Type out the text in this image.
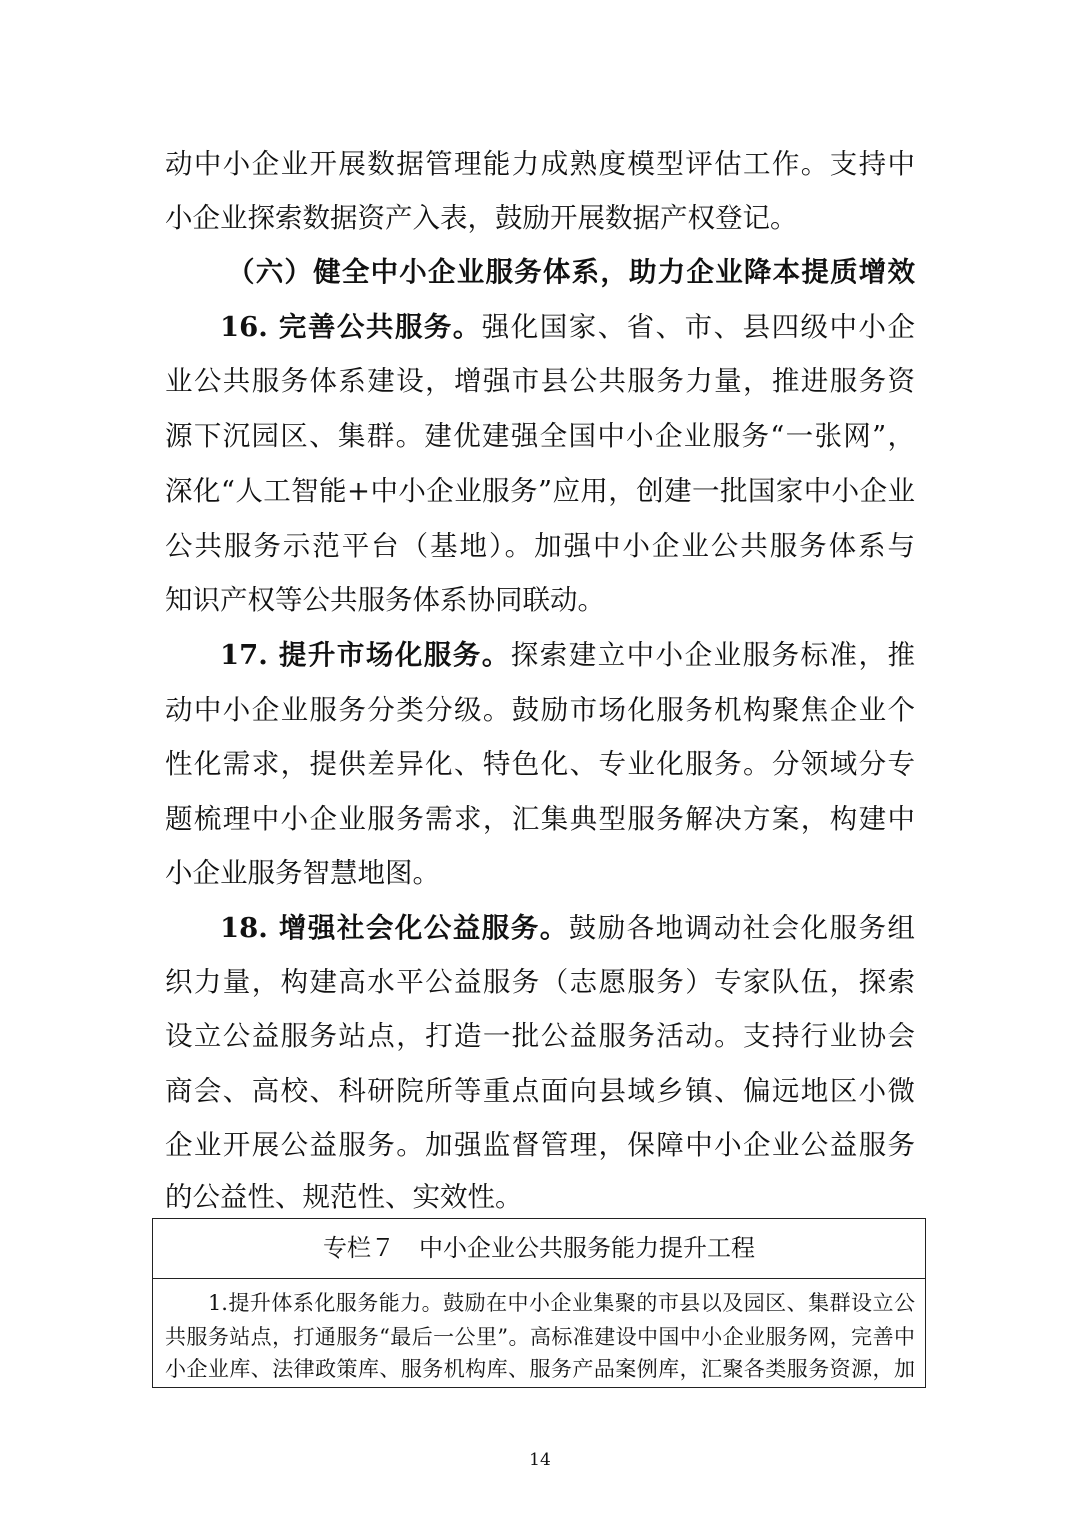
动中小企业开展数据管理能力成熟度模型评估工作。支持中
小企业探索数据资产入表，鼓励开展数据产权登记。
（六）健全中小企业服务体系，助力企业降本提质增效
16. 完善公共服务。强化国家、省、市、县四级中小企
业公共服务体系建设，增强市县公共服务力量，推进服务资
源下沉园区、集群。建优建强全国中小企业服务“一张网”，
深化“人工智能+中小企业服务”应用，创建一批国家中小企业
公共服务示范平台（基地）。加强中小企业公共服务体系与
知识产权等公共服务体系协同联动。
17. 提升市场化服务。探索建立中小企业服务标准，推
动中小企业服务分类分级。鼓励市场化服务机构聚焦企业个
性化需求，提供差异化、特色化、专业化服务。分领域分专
题梳理中小企业服务需求，汇集典型服务解决方案，构建中
小企业服务智慧地图。
18. 增强社会化公益服务。鼓励各地调动社会化服务组
织力量，构建高水平公益服务（志愿服务）专家队伍，探索
设立公益服务站点，打造一批公益服务活动。支持行业协会
商会、高校、科研院所等重点面向县域乡镇、偏远地区小微
企业开展公益服务。加强监督管理，保障中小企业公益服务
的公益性、规范性、实效性。
专栏７　中小企业公共服务能力提升工程
　　1.提升体系化服务能力。鼓励在中小企业集聚的市县以及园区、集群设立公
共服务站点，打通服务“最后一公里”。高标准建设中国中小企业服务网，完善中
小企业库、法律政策库、服务机构库、服务产品案例库，汇聚各类服务资源，加
14
